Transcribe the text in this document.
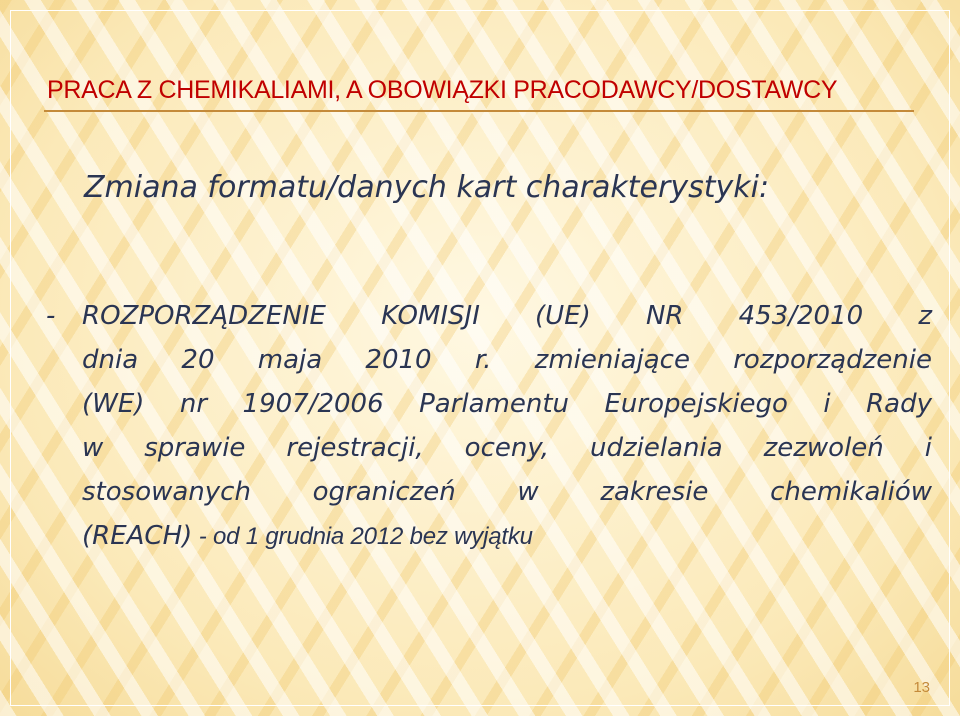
PRACA Z CHEMIKALIAMI, A OBOWIĄZKI PRACODAWCY/DOSTAWCY
Zmiana formatu/danych kart charakterystyki:
- ROZPORZĄDZENIE KOMISJI (UE) NR 453/2010 z
dnia 20 maja 2010 r. zmieniające rozporządzenie
(WE) nr 1907/2006 Parlamentu Europejskiego i Rady
w sprawie rejestracji, oceny, udzielania zezwoleń i
stosowanych ograniczeń w zakresie chemikaliów
(REACH) - od 1 grudnia 2012 bez wyjątku
13
